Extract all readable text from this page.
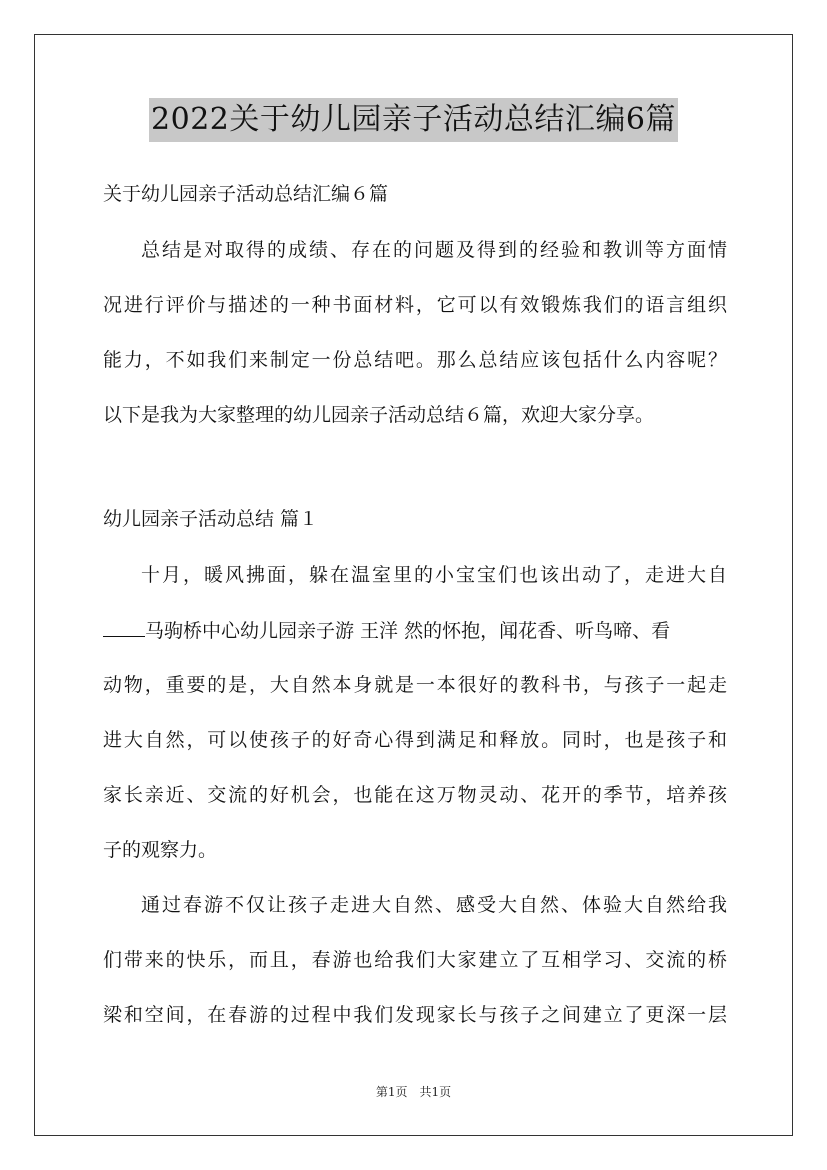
2022关于幼儿园亲子活动总结汇编6篇
关于幼儿园亲子活动总结汇编６篇
总结是对取得的成绩、存在的问题及得到的经验和教训等方面情
况进行评价与描述的一种书面材料，它可以有效锻炼我们的语言组织
能力，不如我们来制定一份总结吧。那么总结应该包括什么内容呢？
以下是我为大家整理的幼儿园亲子活动总结６篇，欢迎大家分享。
幼儿园亲子活动总结 篇１
十月，暖风拂面，躲在温室里的小宝宝们也该出动了，走进大自
马驹桥中心幼儿园亲子游 王洋 然的怀抱，闻花香、听鸟啼、看
动物，重要的是，大自然本身就是一本很好的教科书，与孩子一起走
进大自然，可以使孩子的好奇心得到满足和释放。同时，也是孩子和
家长亲近、交流的好机会，也能在这万物灵动、花开的季节，培养孩
子的观察力。
通过春游不仅让孩子走进大自然、感受大自然、体验大自然给我
们带来的快乐，而且，春游也给我们大家建立了互相学习、交流的桥
梁和空间，在春游的过程中我们发现家长与孩子之间建立了更深一层
第1页　共1页
